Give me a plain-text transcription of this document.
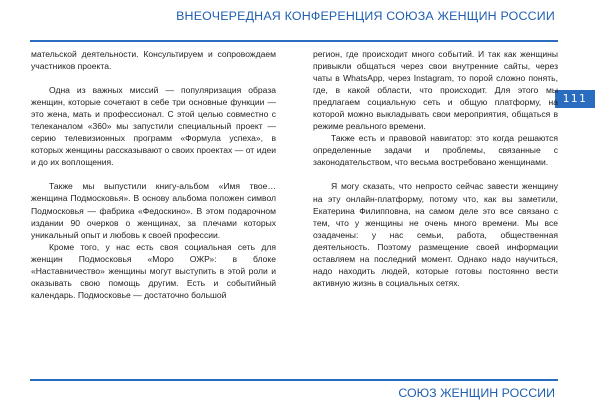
ВНЕОЧЕРЕДНАЯ КОНФЕРЕНЦИЯ СОЮЗА ЖЕНЩИН РОССИИ
111

мательской деятельности. Консультируем и сопровождаем участников проекта.

Одна из важных миссий — популяризация образа женщин, которые сочетают в себе три основные функции — это жена, мать и профессионал. С этой целью совместно с телеканалом «360» мы запустили специальный проект — серию телевизионных программ «Формула успеха», в которых женщины рассказывают о своих проектах — от идеи и до их воплощения.

Также мы выпустили книгу-альбом «Имя твое… женщина Подмосковья». В основу альбома положен символ Подмосковья — фабрика «Федоскино». В этом подарочном издании 90 очерков о женщинах, за плечами которых уникальный опыт и любовь к своей профессии.

Кроме того, у нас есть своя социальная сеть для женщин Подмосковья «Моро ОЖР»: в блоке «Наставничество» женщины могут выступить в этой роли и оказывать свою помощь другим. Есть и событийный календарь. Подмосковье — достаточно большой

регион, где происходит много событий. И так как женщины привыкли общаться через свои внутренние сайты, через чаты в WhatsApp, через Instagram, то порой сложно понять, где, в какой области, что происходит. Для этого мы предлагаем социальную сеть и общую платформу, на которой можно выкладывать свои мероприятия, общаться в режиме реального времени.

Также есть и правовой навигатор: это когда решаются определенные задачи и проблемы, связанные с законодательством, что весьма востребовано женщинами.

Я могу сказать, что непросто сейчас завести женщину на эту онлайн-платформу, потому что, как вы заметили, Екатерина Филипповна, на самом деле это все связано с тем, что у женщины не очень много времени. Мы все озадачены: у нас семьи, работа, общественная деятельность. Поэтому размещение своей информации оставляем на последний момент. Однако надо научиться, надо находить людей, которые готовы постоянно вести активную жизнь в социальных сетях.

СОЮЗ ЖЕНЩИН РОССИИ
